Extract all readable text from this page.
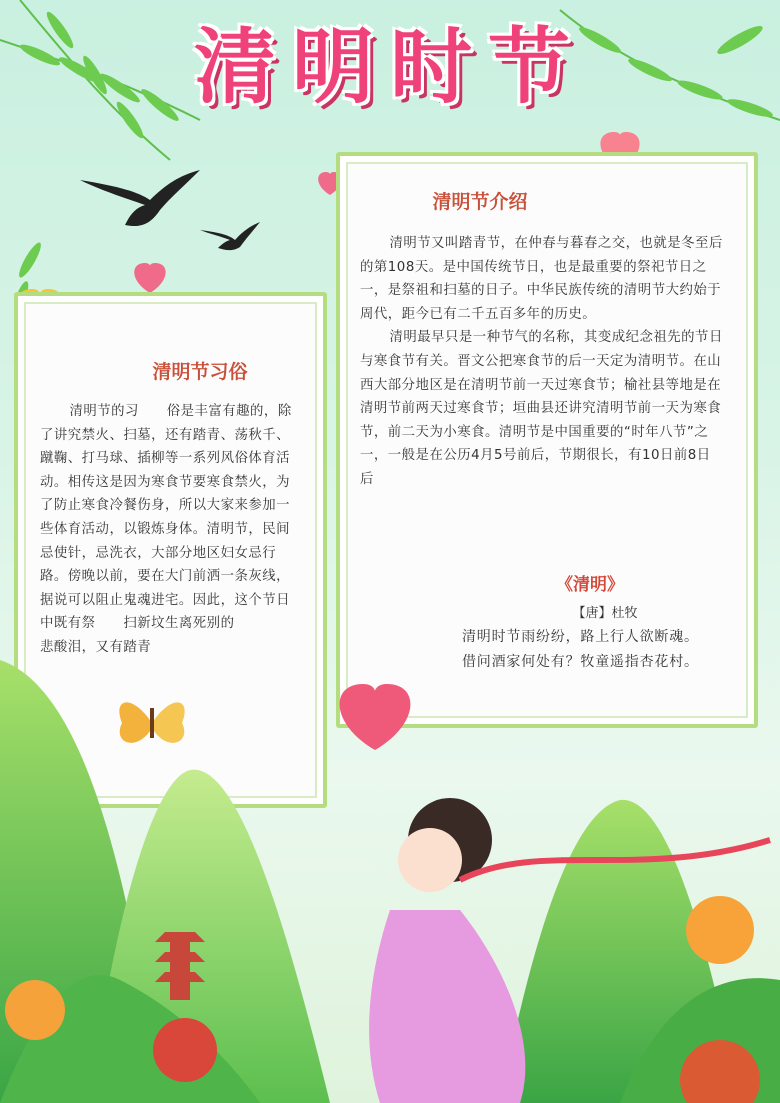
清明时节
清明节习俗

清明节的习　　俗是丰富有趣的，除了讲究禁火、扫墓，还有踏青、荡秋千、蹴鞠、打马球、插柳等一系列风俗体育活动。相传这是因为寒食节要寒食禁火，为了防止寒食冷餐伤身，所以大家来参加一些体育活动，以锻炼身体。清明节，民间忌使针，忌洗衣，大部分地区妇女忌行路。傍晚以前，要在大门前洒一条灰线，据说可以阻止鬼魂进宅。因此，这个节日中既有祭　　扫新坟生离死别的　　　　悲酸泪，又有踏青

清明节介绍

清明节又叫踏青节，在仲春与暮春之交，也就是冬至后的第108天。是中国传统节日，也是最重要的祭祀节日之一，是祭祖和扫墓的日子。中华民族传统的清明节大约始于周代，距今已有二千五百多年的历史。

清明最早只是一种节气的名称，其变成纪念祖先的节日与寒食节有关。晋文公把寒食节的后一天定为清明节。在山西大部分地区是在清明节前一天过寒食节；榆社县等地是在清明节前两天过寒食节；垣曲县还讲究清明节前一天为寒食节，前二天为小寒食。清明节是中国重要的“时年八节”之一，一般是在公历4月5号前后，节期很长，有10日前8日后

《清明》
【唐】杜牧
清明时节雨纷纷，路上行人欲断魂。
借问酒家何处有？牧童遥指杏花村。
